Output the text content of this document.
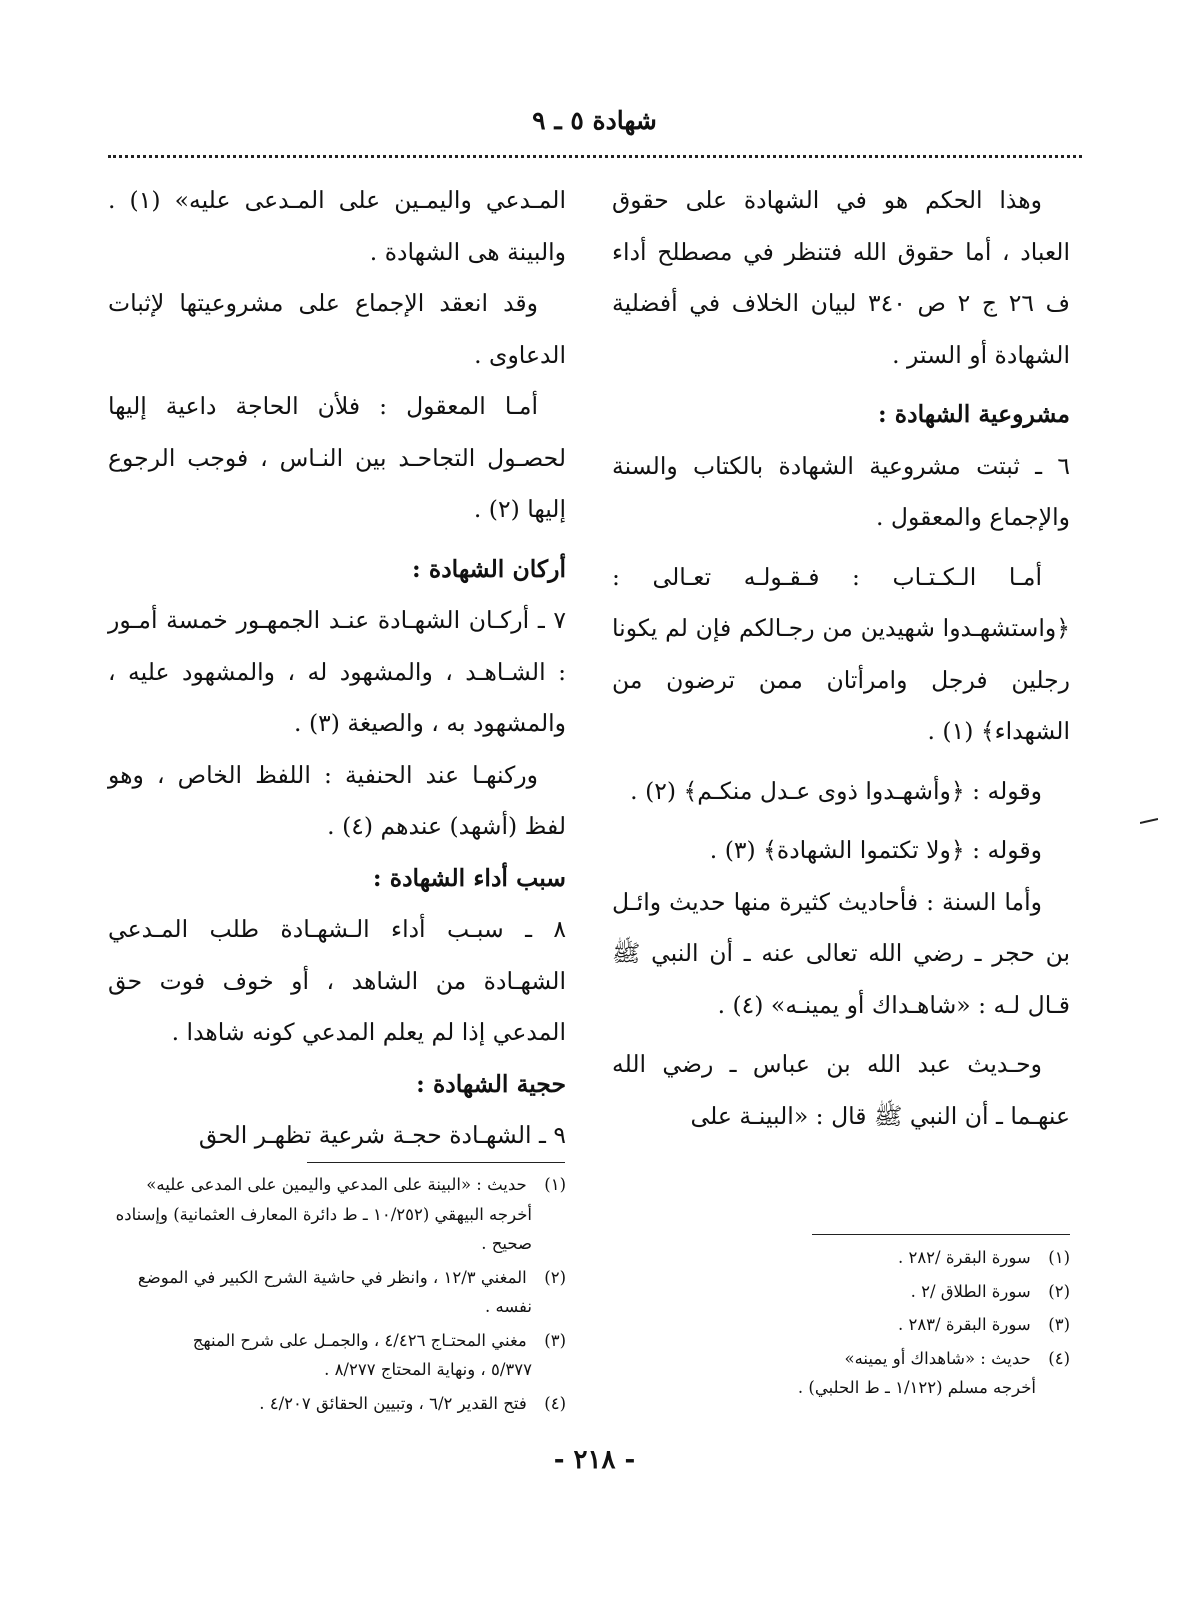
شهادة ٥ ـ ٩

وهذا الحكم هو في الشهادة على حقوق العباد ، أما حقوق الله فتنظر في مصطلح أداء ف ٢٦ ج ٢ ص ٣٤٠ لبيان الخلاف في أفضلية الشهادة أو الستر .

مشروعية الشهادة :

٦ ـ ثبتت مشروعية الشهادة بالكتاب والسنة والإجماع والمعقول .

أمـا الـكـتـاب : فـقـولـه تعـالى : ﴿واستشهـدوا شهيدين من رجـالكم فإن لم يكونا رجلين فرجل وامرأتان ممن ترضون من الشهداء﴾ (١) .

وقوله : ﴿وأشهـدوا ذوى عـدل منكـم﴾ (٢) .

وقوله : ﴿ولا تكتموا الشهادة﴾ (٣) .

وأما السنة : فأحاديث كثيرة منها حديث وائـل بن حجر ـ رضي الله تعالى عنه ـ أن النبي ﷺ قـال لـه : «شاهـداك أو يمينـه» (٤) .

وحـديث عبد الله بن عباس ـ رضي الله عنهـما ـ أن النبي ﷺ قال : «البينـة على

المـدعي واليمـين على المـدعى عليه» (١) . والبينة هى الشهادة .

وقد انعقد الإجماع على مشروعيتها لإثبات الدعاوى .

أمـا المعقول : فلأن الحاجة داعية إليها لحصـول التجاحـد بين النـاس ، فوجب الرجوع إليها (٢) .

أركان الشهادة :

٧ ـ أركـان الشهـادة عنـد الجمهـور خمسة أمـور : الشـاهـد ، والمشهود له ، والمشهود عليه ، والمشهود به ، والصيغة (٣) .

وركنهـا عند الحنفية : اللفظ الخاص ، وهو لفظ (أشهد) عندهم (٤) .

سبب أداء الشهادة :

٨ ـ سبـب أداء الـشهـادة طلب المـدعي الشهـادة من الشاهد ، أو خوف فوت حق المدعي إذا لم يعلم المدعي كونه شاهدا .

حجية الشهادة :

٩ ـ الشهـادة حجـة شرعية تظهـر الحق

(١) سورة البقرة /٢٨٢ .
(٢) سورة الطلاق /٢ .
(٣) سورة البقرة /٢٨٣ .
(٤) حديث : «شاهداك أو يمينه»
أخرجه مسلم (١/١٢٢ ـ ط الحلبي) .
(١) حديث : «البينة على المدعي واليمين على المدعى عليه»
أخرجه البيهقي (١٠/٢٥٢ ـ ط دائرة المعارف العثمانية) وإسناده صحيح .
(٢) المغني ١٢/٣ ، وانظر في حاشية الشرح الكبير في الموضع
نفسه .
(٣) مغني المحتـاج ٤/٤٢٦ ، والجمـل على شرح المنهج
٥/٣٧٧ ، ونهاية المحتاج ٨/٢٧٧ .
(٤) فتح القدير ٦/٢ ، وتبيين الحقائق ٤/٢٠٧ .
- ٢١٨ -
